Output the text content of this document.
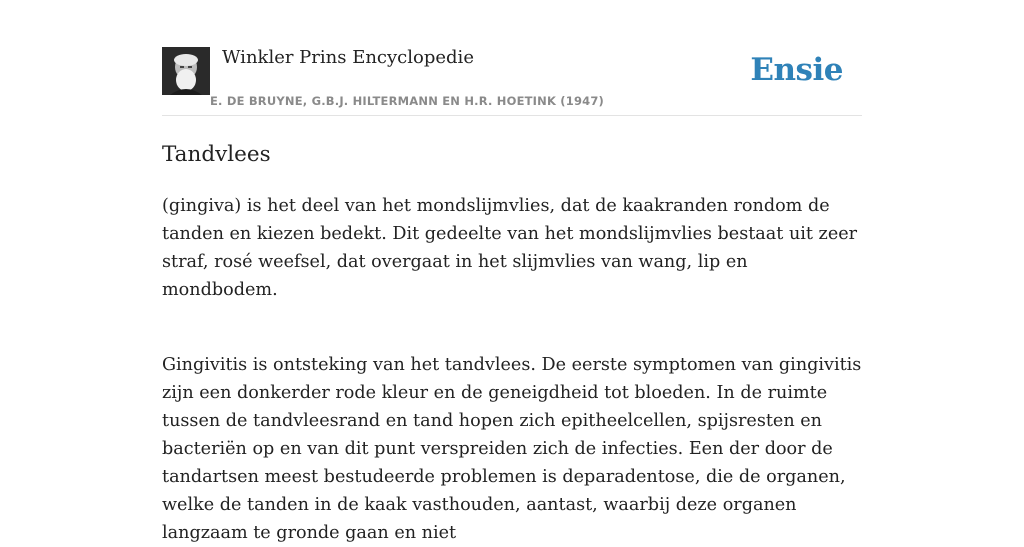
Winkler Prins Encyclopedie
E. DE BRUYNE, G.B.J. HILTERMANN EN H.R. HOETINK (1947)
Ensie
Tandvlees

(gingiva) is het deel van het mondslijmvlies, dat de kaakranden rondom de tanden en kiezen bedekt. Dit gedeelte van het mondslijmvlies bestaat uit zeer straf, rosé weefsel, dat overgaat in het slijmvlies van wang, lip en mondbodem.

Gingivitis is ontsteking van het tandvlees. De eerste symptomen van gingivitis zijn een donkerder rode kleur en de geneigdheid tot bloeden. In de ruimte tussen de tandvleesrand en tand hopen zich epitheelcellen, spijsresten en bacteriën op en van dit punt verspreiden zich de infecties. Een der door de tandartsen meest bestudeerde problemen is deparadentose, die de organen, welke de tanden in de kaak vasthouden, aantast, waarbij deze organen langzaam te gronde gaan en niet
